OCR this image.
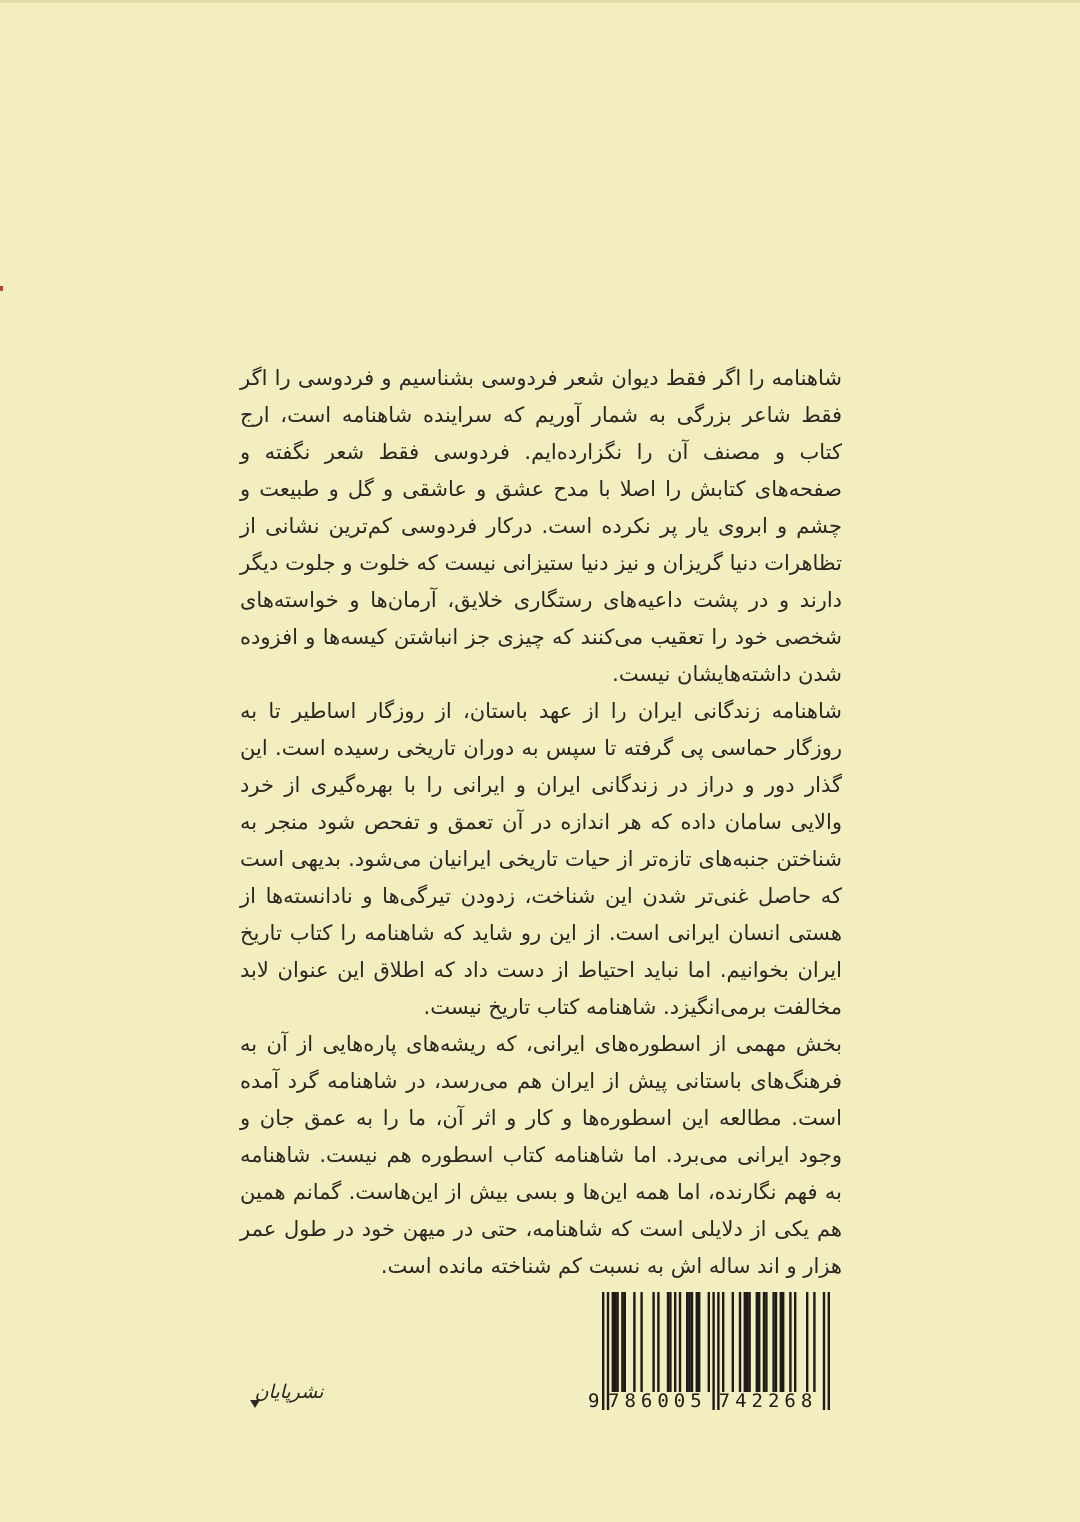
شاهنامه را اگر فقط دیوان شعر فردوسی بشناسیم و فردوسی را اگر فقط شاعر بزرگی به شمار آوریم که سراینده شاهنامه است، ارج کتاب و مصنف آن را نگزارده‌ایم. فردوسی فقط شعر نگفته و صفحه‌های کتابش را اصلا با مدح عشق و عاشقی و گل و طبیعت و چشم و ابروی یار پر نکرده است. درکار فردوسی کم‌ترین نشانی از تظاهرات دنیا گریزان و نیز دنیا ستیزانی نیست که خلوت و جلوت دیگر دارند و در پشت داعیه‌های رستگاری خلایق، آرمان‌ها و خواسته‌های شخصی خود را تعقیب می‌کنند که چیزی جز انباشتن کیسه‌ها و افزوده شدن داشته‌هایشان نیست.

شاهنامه زندگانی ایران را از عهد باستان، از روزگار اساطیر تا به روزگار حماسی پی گرفته تا سپس به دوران تاریخی رسیده است. این گذار دور و دراز در زندگانی ایران و ایرانی را با بهره‌گیری از خرد والایی سامان داده که هر اندازه در آن تعمق و تفحص شود منجر به شناختن جنبه‌های تازه‌تر از حیات تاریخی ایرانیان می‌شود. بدیهی است که حاصل غنی‌تر شدن این شناخت، زدودن تیرگی‌ها و نادانسته‌ها از هستی انسان ایرانی است. از این رو شاید که شاهنامه را کتاب تاریخ ایران بخوانیم. اما نباید احتیاط از دست داد که اطلاق این عنوان لابد مخالفت برمی‌انگیزد. شاهنامه کتاب تاریخ نیست.

بخش مهمی از اسطوره‌های ایرانی، که ریشه‌های پاره‌هایی از آن به فرهنگ‌های باستانی پیش از ایران هم می‌رسد، در شاهنامه گرد آمده است. مطالعه این اسطوره‌ها و کار و اثر آن، ما را به عمق جان و وجود ایرانی می‌برد. اما شاهنامه کتاب اسطوره هم نیست. شاهنامه به فهم نگارنده، اما همه این‌ها و بسی بیش از این‌هاست. گمانم همین هم یکی از دلایلی است که شاهنامه، حتی در میهن خود در طول عمر هزار و اند ساله اش به نسبت کم شناخته مانده است.

9 786005 742268
نشرپایان
